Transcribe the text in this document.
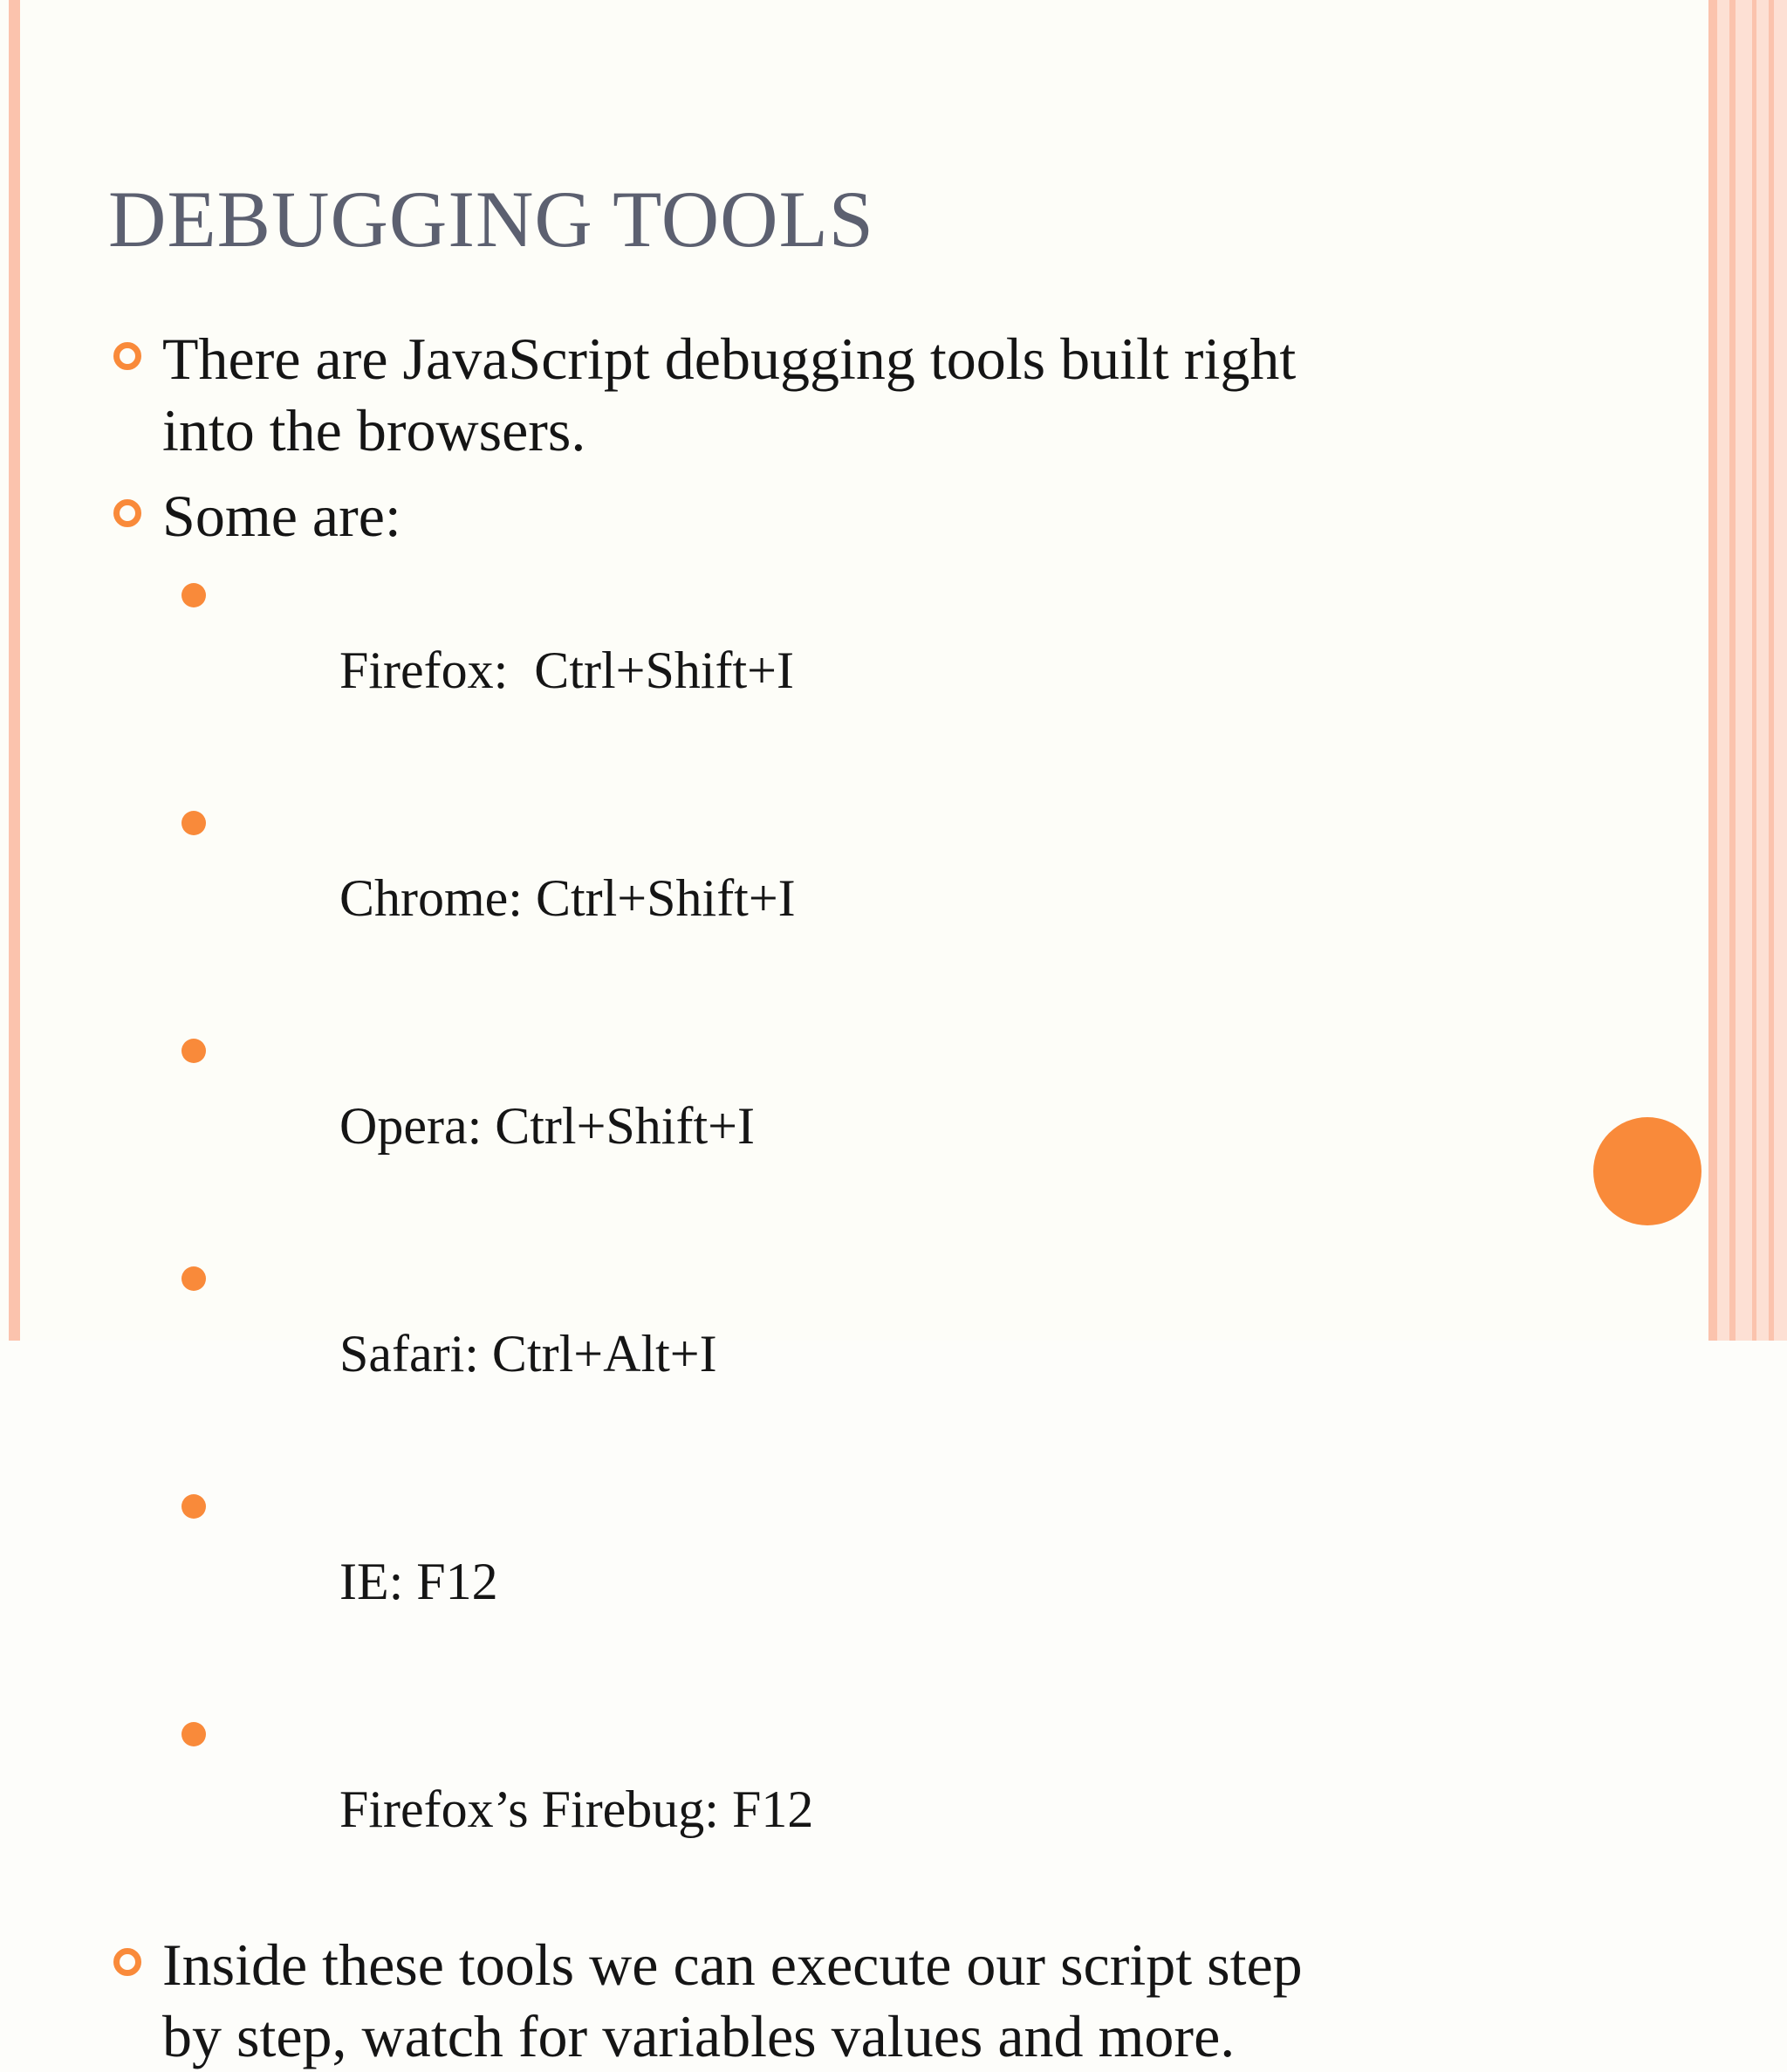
DEBUGGING TOOLS
There are JavaScript debugging tools built right
into the browsers.
Some are:

Firefox:  Ctrl+Shift+I

Chrome: Ctrl+Shift+I

Opera: Ctrl+Shift+I

Safari: Ctrl+Alt+I

IE: F12

Firefox’s Firebug: F12

Inside these tools we can execute our script step
by step, watch for variables values and more.
